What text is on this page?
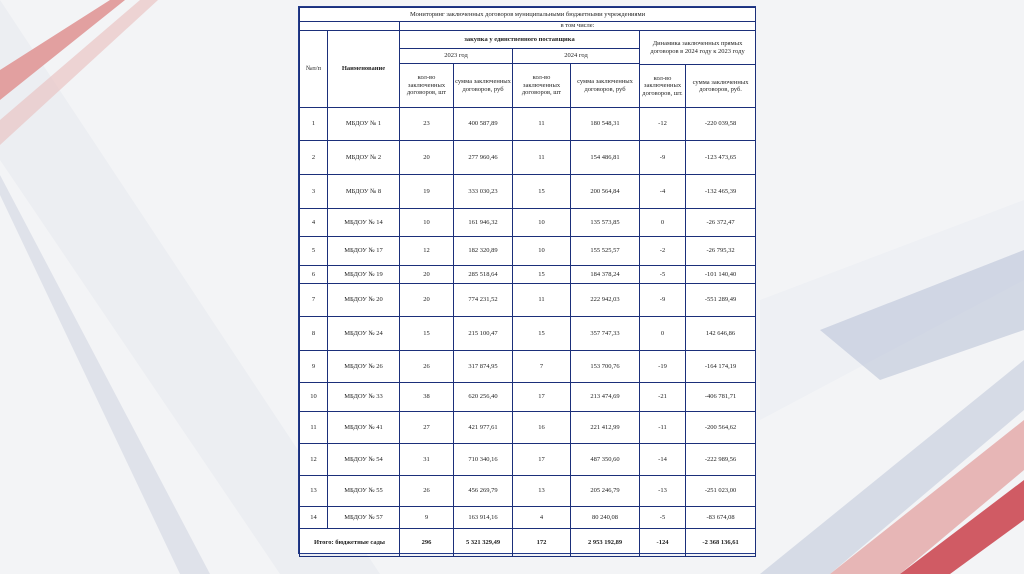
Мониторинг заключенных договоров муниципальными бюджетными учреждениями							
		в том числе:					
№п/п	Наименование	закупка у единственного поставщика				Динамика заключенных прямых договоров в 2024 году к 2023 году	
		2023 год		2024 год			
		кол-во заключенных договоров, шт	сумма заключенных договоров, руб	кол-во заключенных договоров, шт	сумма заключенных договоров, руб		
						кол-во заключенных договоров, шт.	сумма заключенных договоров, руб.
1	МБДОУ № 1	23	400 587,89	11	180 548,31	-12	-220 039,58
2	МБДОУ № 2	20	277 960,46	11	154 486,81	-9	-123 473,65
3	МБДОУ № 8	19	333 030,23	15	200 564,84	-4	-132 465,39
4	МБДОУ № 14	10	161 946,32	10	135 573,85	0	-26 372,47
5	МБДОУ № 17	12	182 320,89	10	155 525,57	-2	-26 795,32
6	МБДОУ № 19	20	285 518,64	15	184 378,24	-5	-101 140,40
7	МБДОУ № 20	20	774 231,52	11	222 942,03	-9	-551 289,49
8	МБДОУ № 24	15	215 100,47	15	357 747,33	0	142 646,86
9	МБДОУ № 26	26	317 874,95	7	153 700,76	-19	-164 174,19
10	МБДОУ № 33	38	620 256,40	17	213 474,69	-21	-406 781,71
11	МБДОУ № 41	27	421 977,61	16	221 412,99	-11	-200 564,62
12	МБДОУ № 54	31	710 340,16	17	487 350,60	-14	-222 989,56
13	МБДОУ № 55	26	456 269,79	13	205 246,79	-13	-251 023,00
14	МБДОУ № 57	9	163 914,16	4	80 240,08	-5	-83 674,08
Итого: бюджетные сады		296	5 321 329,49	172	2 953 192,89	-124	-2 368 136,61
